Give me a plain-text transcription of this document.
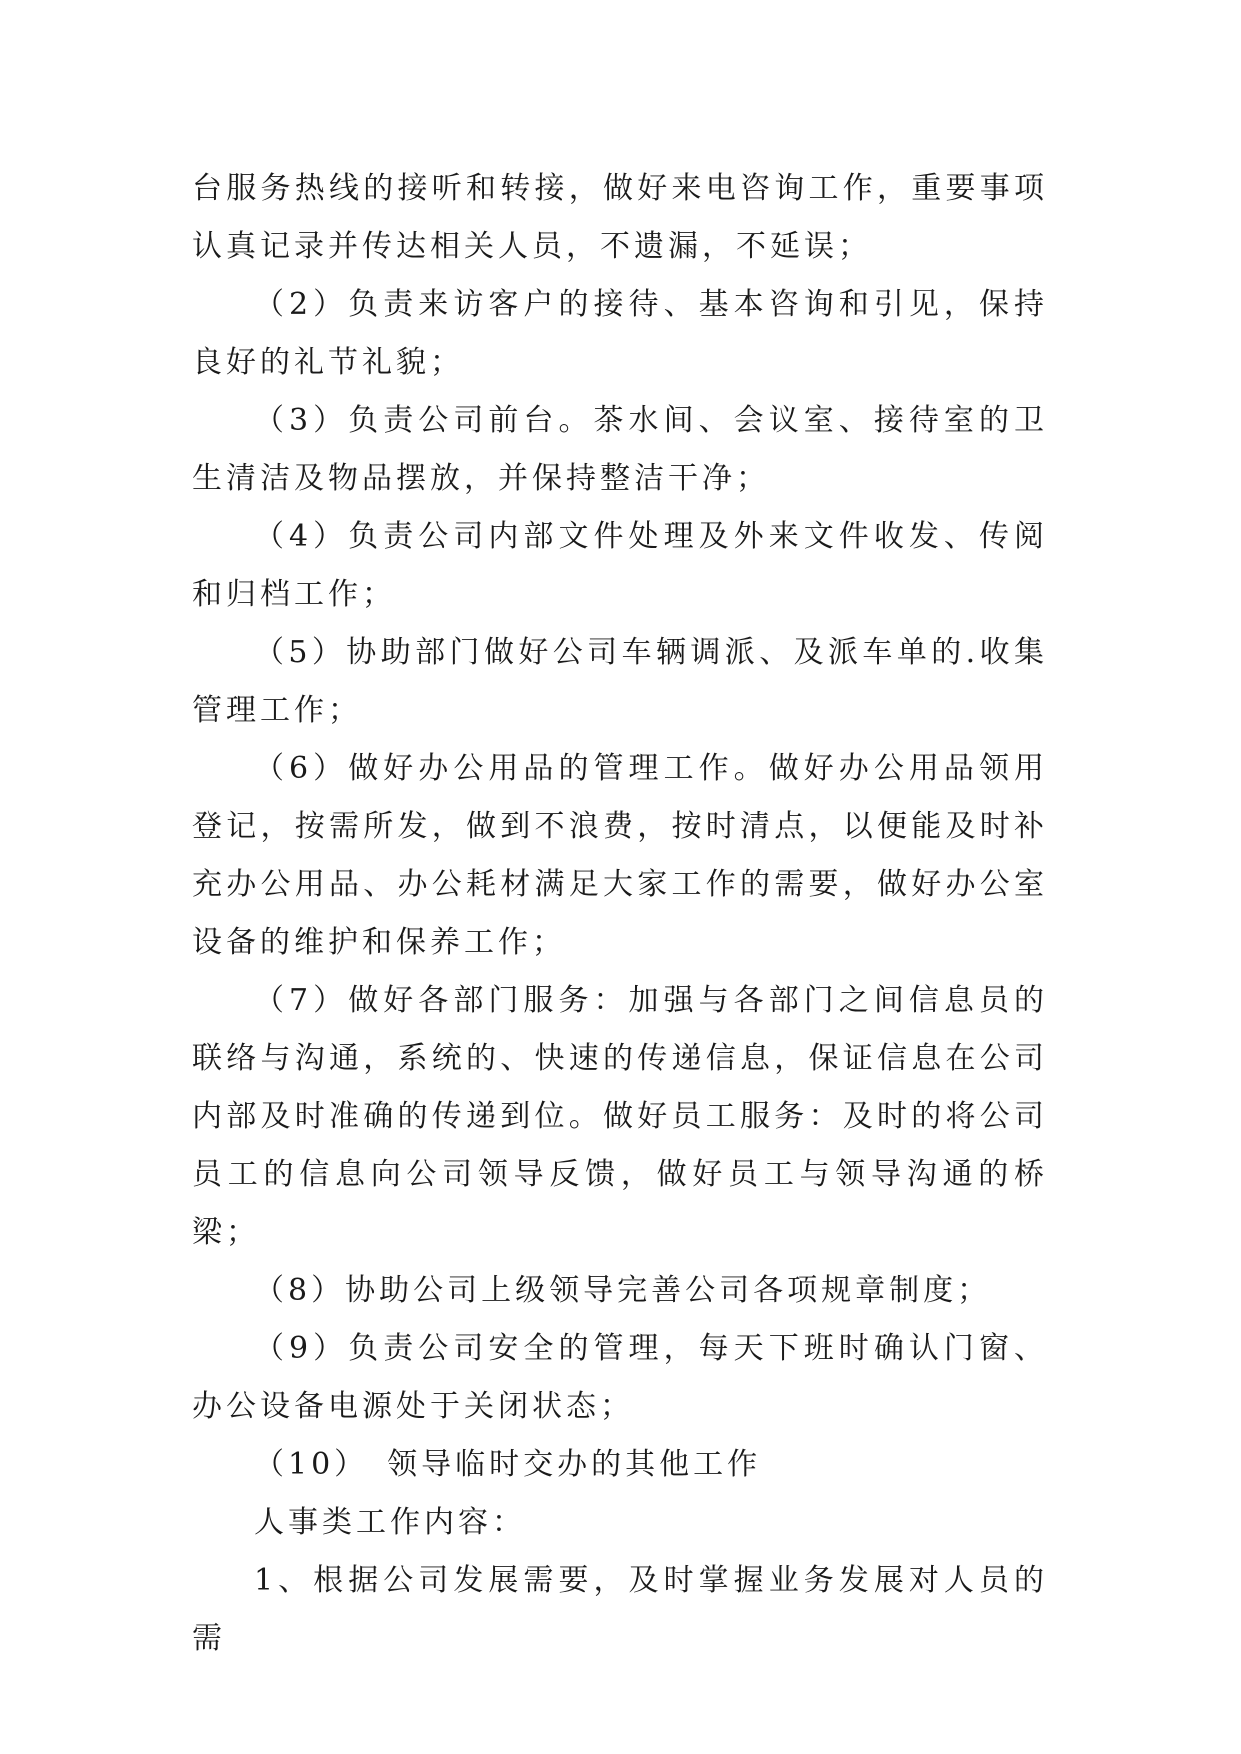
台服务热线的接听和转接，做好来电咨询工作，重要事项认真记录并传达相关人员，不遗漏，不延误；

（2）负责来访客户的接待、基本咨询和引见，保持良好的礼节礼貌；

（3）负责公司前台。茶水间、会议室、接待室的卫生清洁及物品摆放，并保持整洁干净；

（4）负责公司内部文件处理及外来文件收发、传阅和归档工作；

（5）协助部门做好公司车辆调派、及派车单的.收集管理工作；

（6）做好办公用品的管理工作。做好办公用品领用登记，按需所发，做到不浪费，按时清点，以便能及时补充办公用品、办公耗材满足大家工作的需要，做好办公室设备的维护和保养工作；

（7）做好各部门服务：加强与各部门之间信息员的联络与沟通，系统的、快速的传递信息，保证信息在公司内部及时准确的传递到位。做好员工服务：及时的将公司员工的信息向公司领导反馈，做好员工与领导沟通的桥梁；

（8）协助公司上级领导完善公司各项规章制度；

（9）负责公司安全的管理，每天下班时确认门窗、办公设备电源处于关闭状态；

（10）　领导临时交办的其他工作

人事类工作内容：

1、根据公司发展需要，及时掌握业务发展对人员的需
